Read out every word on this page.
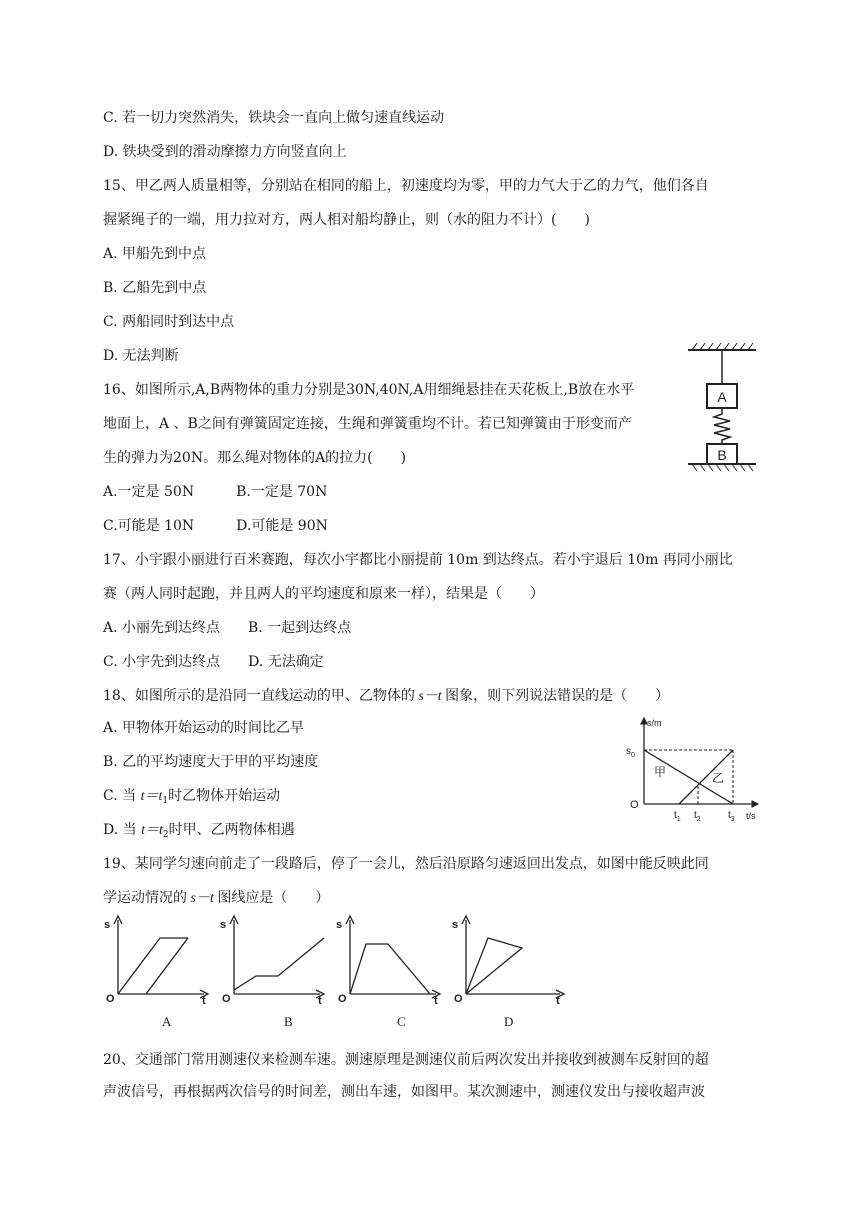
C. 若一切力突然消失，铁块会一直向上做匀速直线运动
D. 铁块受到的滑动摩擦力方向竖直向上
15、甲乙两人质量相等，分别站在相同的船上，初速度均为零，甲的力气大于乙的力气，他们各自
握紧绳子的一端，用力拉对方，两人相对船均静止，则（水的阻力不计）(　　)
A. 甲船先到中点
B. 乙船先到中点
C. 两船同时到达中点
D. 无法判断
16、如图所示,A,B两物体的重力分别是30N,40N,A用细绳悬挂在天花板上,B放在水平
地面上，A 、B之间有弹簧固定连接，生绳和弹簧重均不计。若已知弹簧由于形变而产
生的弹力为20N。那么绳对物体的A的拉力(　　)
A.一定是 50N　　　B.一定是 70N
C.可能是 10N　　　D.可能是 90N
A
B
17、小宇跟小丽进行百米赛跑，每次小宇都比小丽提前 10m 到达终点。若小宇退后 10m 再同小丽比
赛（两人同时起跑，并且两人的平均速度和原来一样），结果是（　　）
A. 小丽先到达终点　　B. 一起到达终点
C. 小宇先到达终点　　D. 无法确定
18、如图所示的是沿同一直线运动的甲、乙物体的 s－t 图象，则下列说法错误的是（　　）
A. 甲物体开始运动的时间比乙早
B. 乙的平均速度大于甲的平均速度
C. 当 $t=t_1$时乙物体开始运动
D. 当 $t=t_2$时甲、乙两物体相遇
s/m
t/s
O
$s_0$
$t_1$ $t_2$	$t_3$
甲	乙
19、某同学匀速向前走了一段路后，停了一会儿，然后沿原路匀速返回出发点，如图中能反映此同
学运动情况的 s－t 图线应是（　　）
s
O	t
s
O	t
s
O	t
s
O	t
A	B	C	D
20、交通部门常用测速仪来检测车速。测速原理是测速仪前后两次发出并接收到被测车反射回的超
声波信号，再根据两次信号的时间差，测出车速，如图甲。某次测速中，测速仪发出与接收超声波
